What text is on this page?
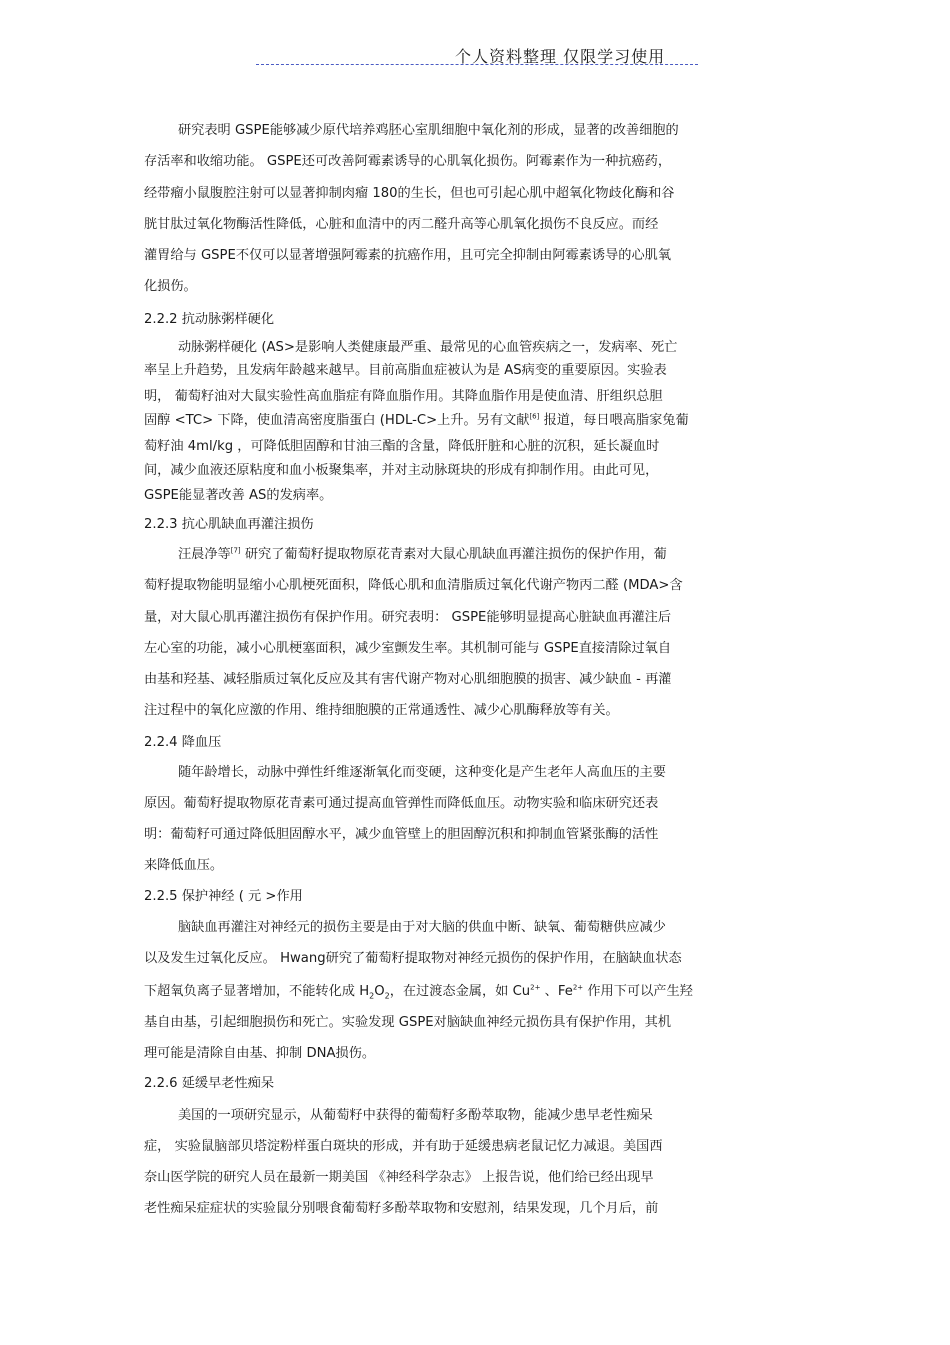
个人资料整理 仅限学习使用
研究表明 GSPE能够减少原代培养鸡胚心室肌细胞中氧化剂的形成，显著的改善细胞的
存活率和收缩功能。 GSPE还可改善阿霉素诱导的心肌氧化损伤。阿霉素作为一种抗癌药，
经带瘤小鼠腹腔注射可以显著抑制肉瘤 180的生长，但也可引起心肌中超氧化物歧化酶和谷
胱甘肽过氧化物酶活性降低，心脏和血清中的丙二醛升高等心肌氧化损伤不良反应。而经
灌胃给与 GSPE不仅可以显著增强阿霉素的抗癌作用，且可完全抑制由阿霉素诱导的心肌氧
化损伤。
2.2.2 抗动脉粥样硬化
动脉粥样硬化 (AS>是影响人类健康最严重、最常见的心血管疾病之一，发病率、死亡
率呈上升趋势，且发病年龄越来越早。目前高脂血症被认为是 AS病变的重要原因。实验表
明， 葡萄籽油对大鼠实验性高血脂症有降血脂作用。其降血脂作用是使血清、肝组织总胆
固醇 <TC> 下降，使血清高密度脂蛋白 (HDL-C>上升。另有文献[6] 报道，每日喂高脂家兔葡
萄籽油 4ml/kg ，可降低胆固醇和甘油三酯的含量，降低肝脏和心脏的沉积，延长凝血时
间，减少血液还原粘度和血小板聚集率，并对主动脉斑块的形成有抑制作用。由此可见，
GSPE能显著改善 AS的发病率。
2.2.3 抗心肌缺血再灌注损伤
汪晨净等[7] 研究了葡萄籽提取物原花青素对大鼠心肌缺血再灌注损伤的保护作用，葡
萄籽提取物能明显缩小心肌梗死面积，降低心肌和血清脂质过氧化代谢产物丙二醛 (MDA>含
量，对大鼠心肌再灌注损伤有保护作用。研究表明： GSPE能够明显提高心脏缺血再灌注后
左心室的功能，减小心肌梗塞面积，减少室颤发生率。其机制可能与 GSPE直接清除过氧自
由基和羟基、减轻脂质过氧化反应及其有害代谢产物对心肌细胞膜的损害、减少缺血 - 再灌
注过程中的氧化应激的作用、维持细胞膜的正常通透性、减少心肌酶释放等有关。
2.2.4 降血压
随年龄增长，动脉中弹性纤维逐渐氧化而变硬，这种变化是产生老年人高血压的主要
原因。葡萄籽提取物原花青素可通过提高血管弹性而降低血压。动物实验和临床研究还表
明：葡萄籽可通过降低胆固醇水平，减少血管壁上的胆固醇沉积和抑制血管紧张酶的活性
来降低血压。
2.2.5 保护神经 ( 元 >作用
脑缺血再灌注对神经元的损伤主要是由于对大脑的供血中断、缺氧、葡萄糖供应减少
以及发生过氧化反应。 Hwang研究了葡萄籽提取物对神经元损伤的保护作用，在脑缺血状态
下超氧负离子显著增加，不能转化成 $H_2O_2$，在过渡态金属，如 $Cu^{2+}$ 、$Fe^{2+}$ 作用下可以产生羟
基自由基，引起细胞损伤和死亡。实验发现 GSPE对脑缺血神经元损伤具有保护作用，其机
理可能是清除自由基、抑制 DNA损伤。
2.2.6 延缓早老性痴呆
美国的一项研究显示，从葡萄籽中获得的葡萄籽多酚萃取物，能减少患早老性痴呆
症， 实验鼠脑部贝塔淀粉样蛋白斑块的形成，并有助于延缓患病老鼠记忆力减退。美国西
奈山医学院的研究人员在最新一期美国 《神经科学杂志》 上报告说，他们给已经出现早
老性痴呆症症状的实验鼠分别喂食葡萄籽多酚萃取物和安慰剂，结果发现，几个月后，前
